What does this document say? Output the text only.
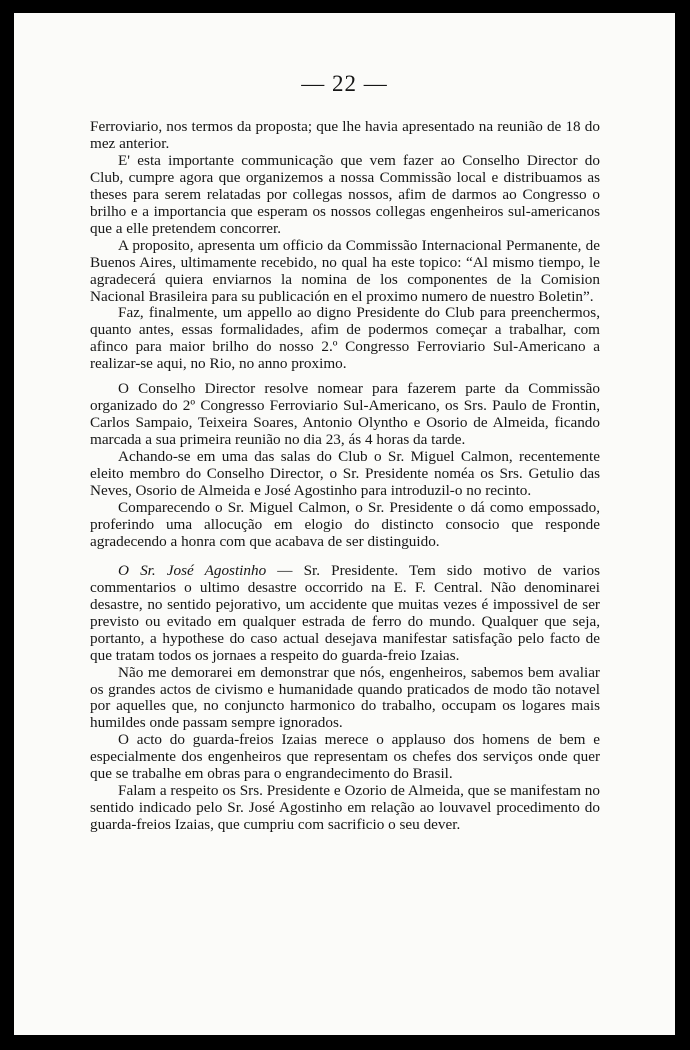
— 22 —

Ferroviario, nos termos da proposta; que lhe havia apresentado na reunião de 18 do mez anterior.

E' esta importante communicação que vem fazer ao Conselho Director do Club, cumpre agora que organizemos a nossa Commissão local e distribuamos as theses para serem relatadas por collegas nossos, afim de darmos ao Congresso o brilho e a importancia que esperam os nossos collegas engenheiros sul-americanos que a elle pretendem concorrer.

A proposito, apresenta um officio da Commissão Internacional Permanente, de Buenos Aires, ultimamente recebido, no qual ha este topico: “Al mismo tiempo, le agradecerá quiera enviarnos la nomina de los componentes de la Comision Nacional Brasileira para su publicación en el proximo numero de nuestro Boletin”.

Faz, finalmente, um appello ao digno Presidente do Club para preenchermos, quanto antes, essas formalidades, afim de podermos começar a trabalhar, com afinco para maior brilho do nosso 2.º Congresso Ferroviario Sul-Americano a realizar-se aqui, no Rio, no anno proximo.

O Conselho Director resolve nomear para fazerem parte da Commissão organizado do 2º Congresso Ferroviario Sul-Americano, os Srs. Paulo de Frontin, Carlos Sampaio, Teixeira Soares, Antonio Olyntho e Osorio de Almeida, ficando marcada a sua primeira reunião no dia 23, ás 4 horas da tarde.

Achando-se em uma das salas do Club o Sr. Miguel Calmon, recentemente eleito membro do Conselho Director, o Sr. Presidente noméa os Srs. Getulio das Neves, Osorio de Almeida e José Agostinho para introduzil-o no recinto.

Comparecendo o Sr. Miguel Calmon, o Sr. Presidente o dá como empossado, proferindo uma allocução em elogio do distincto consocio que responde agradecendo a honra com que acabava de ser distinguido.

O Sr. José Agostinho — Sr. Presidente. Tem sido motivo de varios commentarios o ultimo desastre occorrido na E. F. Central. Não denominarei desastre, no sentido pejorativo, um accidente que muitas vezes é impossivel de ser previsto ou evitado em qualquer estrada de ferro do mundo. Qualquer que seja, portanto, a hypothese do caso actual desejava manifestar satisfação pelo facto de que tratam todos os jornaes a respeito do guarda-freio Izaias.

Não me demorarei em demonstrar que nós, engenheiros, sabemos bem avaliar os grandes actos de civismo e humanidade quando praticados de modo tão notavel por aquelles que, no conjuncto harmonico do trabalho, occupam os logares mais humildes onde passam sempre ignorados.

O acto do guarda-freios Izaias merece o applauso dos homens de bem e especialmente dos engenheiros que representam os chefes dos serviços onde quer que se trabalhe em obras para o engrandecimento do Brasil.

Falam a respeito os Srs. Presidente e Ozorio de Almeida, que se manifestam no sentido indicado pelo Sr. José Agostinho em relação ao louvavel procedimento do guarda-freios Izaias, que cumpriu com sacrificio o seu dever.
